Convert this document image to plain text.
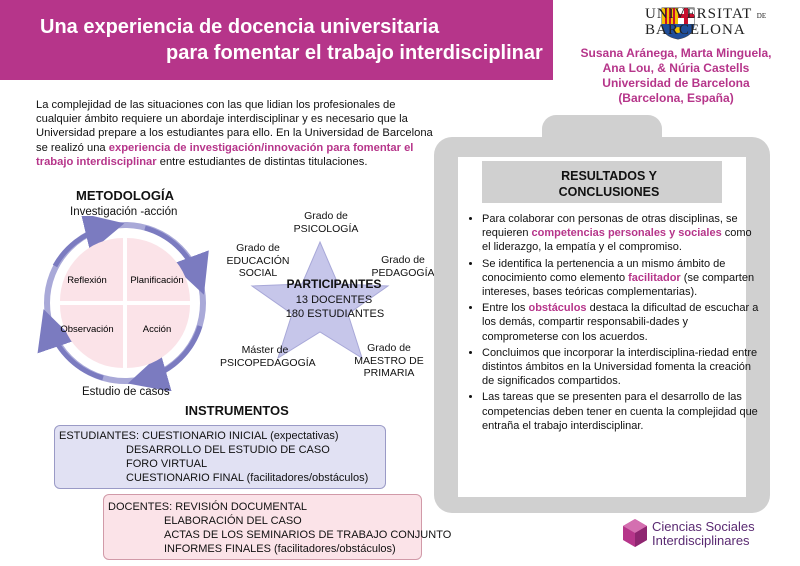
Una experiencia de docencia universitaria
para fomentar el trabajo interdisciplinar
UNIVERSITAT DE
BARCELONA
Susana Aránega, Marta Minguela,
Ana Lou, & Núria Castells
Universidad de Barcelona
(Barcelona, España)
La complejidad de las situaciones con las que lidian los profesionales de cualquier ámbito requiere un abordaje interdisciplinar y es necesario que la Universidad prepare a los estudiantes para ello. En la Universidad de Barcelona se realizó una experiencia de investigación/innovación para fomentar el trabajo interdisciplinar entre estudiantes de distintas titulaciones.
METODOLOGÍA
Investigación -acción
Reflexión Planificación
Observación	Acción
Estudio de casos
PARTICIPANTES
13 DOCENTES
180 ESTUDIANTES
Grado de
PSICOLOGÍA
Grado de
PEDAGOGÍA
Grado de
EDUCACIÓN
SOCIAL
Grado de
MAESTRO DE
PRIMARIA
Máster de
PSICOPEDAGOGÍA
INSTRUMENTOS
ESTUDIANTES: CUESTIONARIO INICIAL (expectativas)
DESARROLLO DEL ESTUDIO DE CASO
FORO VIRTUAL
CUESTIONARIO FINAL (facilitadores/obstáculos)
DOCENTES: REVISIÓN DOCUMENTAL
ELABORACIÓN DEL CASO
ACTAS DE LOS SEMINARIOS DE TRABAJO CONJUNTO
INFORMES FINALES (facilitadores/obstáculos)
RESULTADOS Y
CONCLUSIONES
• Para colaborar con personas de otras disciplinas, se requieren competencias personales y sociales como el liderazgo, la empatía y el compromiso.
• Se identifica la pertenencia a un mismo ámbito de conocimiento como elemento facilitador (se comparten intereses, bases teóricas complementarias).
• Entre los obstáculos destaca la dificultad de escuchar a los demás, compartir responsabili-dades y comprometerse con los acuerdos.
• Concluimos que incorporar la interdisciplina-riedad entre distintos ámbitos en la Universidad fomenta la creación de significados compartidos.
• Las tareas que se presenten para el desarrollo de las competencias deben tener en cuenta la complejidad que entraña el trabajo interdisciplinar.
Ciencias Sociales
Interdisciplinares
